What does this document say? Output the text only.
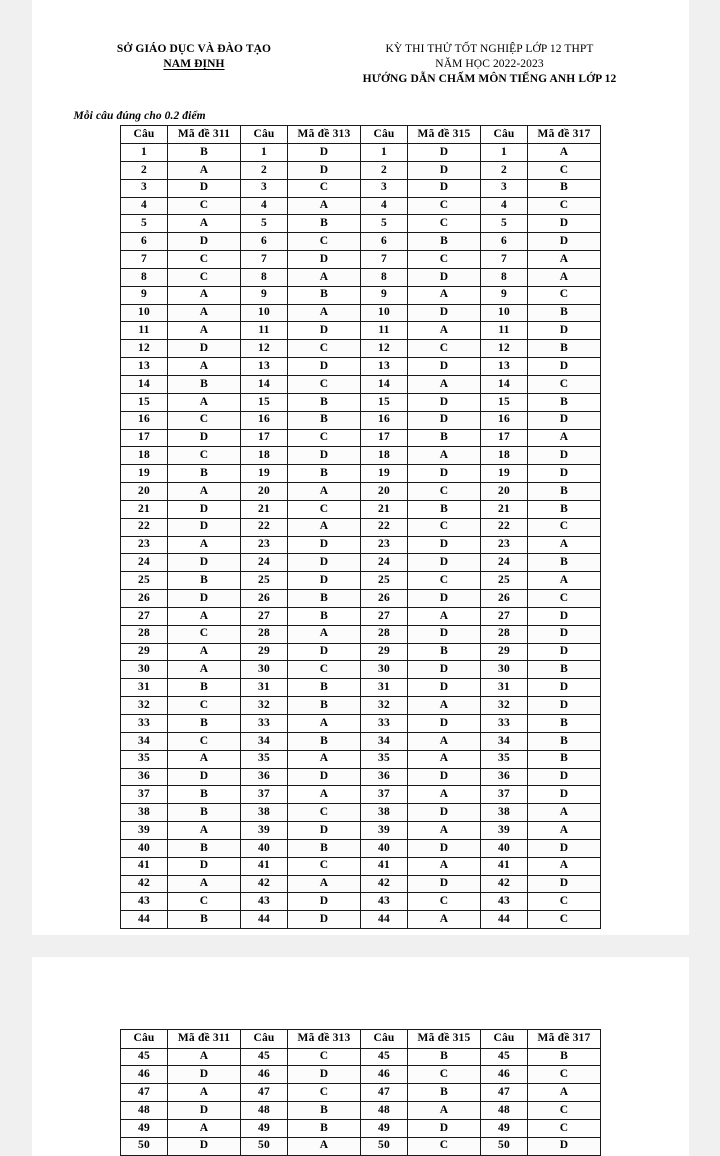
SỞ GIÁO DỤC VÀ ĐÀO TẠO
NAM ĐỊNH
KỲ THI THỬ TỐT NGHIỆP LỚP 12 THPT
NĂM HỌC 2022-2023
HƯỚNG DẪN CHẤM MÔN TIẾNG ANH LỚP 12
Mỗi câu đúng cho 0.2 điểm
Câu	Mã đề 311	Câu	Mã đề 313	Câu	Mã đề 315	Câu	Mã đề 317
1	B	1	D	1	D	1	A
2	A	2	D	2	D	2	C
3	D	3	C	3	D	3	B
4	C	4	A	4	C	4	C
5	A	5	B	5	C	5	D
6	D	6	C	6	B	6	D
7	C	7	D	7	C	7	A
8	C	8	A	8	D	8	A
9	A	9	B	9	A	9	C
10	A	10	A	10	D	10	B
11	A	11	D	11	A	11	D
12	D	12	C	12	C	12	B
13	A	13	D	13	D	13	D
14	B	14	C	14	A	14	C
15	A	15	B	15	D	15	B
16	C	16	B	16	D	16	D
17	D	17	C	17	B	17	A
18	C	18	D	18	A	18	D
19	B	19	B	19	D	19	D
20	A	20	A	20	C	20	B
21	D	21	C	21	B	21	B
22	D	22	A	22	C	22	C
23	A	23	D	23	D	23	A
24	D	24	D	24	D	24	B
25	B	25	D	25	C	25	A
26	D	26	B	26	D	26	C
27	A	27	B	27	A	27	D
28	C	28	A	28	D	28	D
29	A	29	D	29	B	29	D
30	A	30	C	30	D	30	B
31	B	31	B	31	D	31	D
32	C	32	B	32	A	32	D
33	B	33	A	33	D	33	B
34	C	34	B	34	A	34	B
35	A	35	A	35	A	35	B
36	D	36	D	36	D	36	D
37	B	37	A	37	A	37	D
38	B	38	C	38	D	38	A
39	A	39	D	39	A	39	A
40	B	40	B	40	D	40	D
41	D	41	C	41	A	41	A
42	A	42	A	42	D	42	D
43	C	43	D	43	C	43	C
44	B	44	D	44	A	44	C
Câu	Mã đề 311	Câu	Mã đề 313	Câu	Mã đề 315	Câu	Mã đề 317
45	A	45	C	45	B	45	B
46	D	46	D	46	C	46	C
47	A	47	C	47	B	47	A
48	D	48	B	48	A	48	C
49	A	49	B	49	D	49	C
50	D	50	A	50	C	50	D
